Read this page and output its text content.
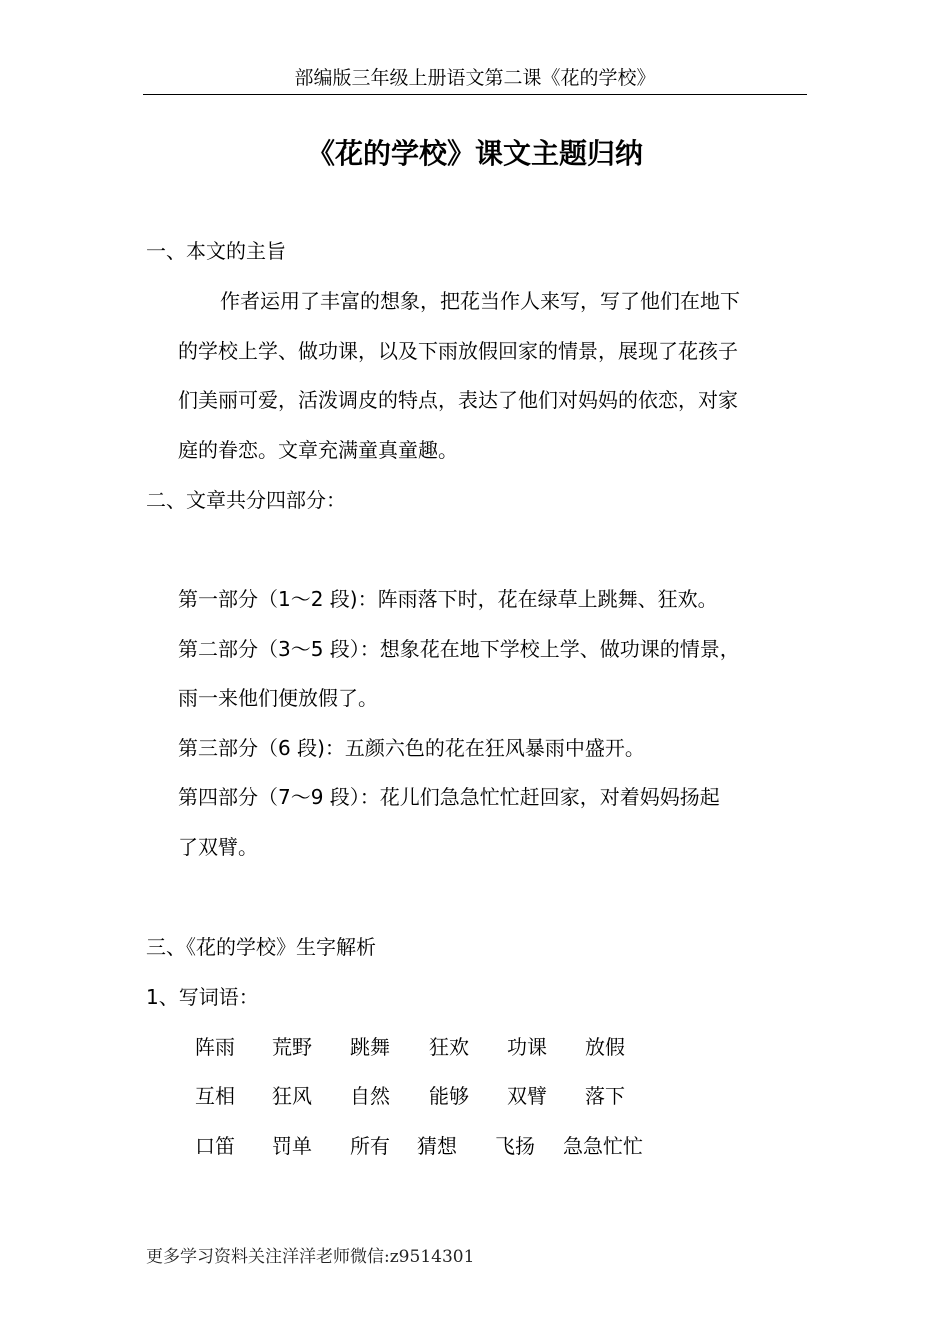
部编版三年级上册语文第二课《花的学校》
《花的学校》课文主题归纳
一、本文的主旨
作者运用了丰富的想象，把花当作人来写，写了他们在地下
的学校上学、做功课，以及下雨放假回家的情景，展现了花孩子
们美丽可爱，活泼调皮的特点，表达了他们对妈妈的依恋，对家
庭的眷恋。文章充满童真童趣。
二、文章共分四部分：
第一部分（1～2 段)：阵雨落下时，花在绿草上跳舞、狂欢。
第二部分（3～5 段）：想象花在地下学校上学、做功课的情景，
雨一来他们便放假了。
第三部分（6 段)：五颜六色的花在狂风暴雨中盛开。
第四部分（7～9 段）：花儿们急急忙忙赶回家，对着妈妈扬起
了双臂。
三、《花的学校》生字解析
1、写词语：
阵雨 荒野 跳舞 狂欢 功课 放假
互相 狂风 自然 能够 双臂 落下
口笛 罚单 所有 猜想 飞扬 急急忙忙
更多学习资料关注洋洋老师微信:z9514301
